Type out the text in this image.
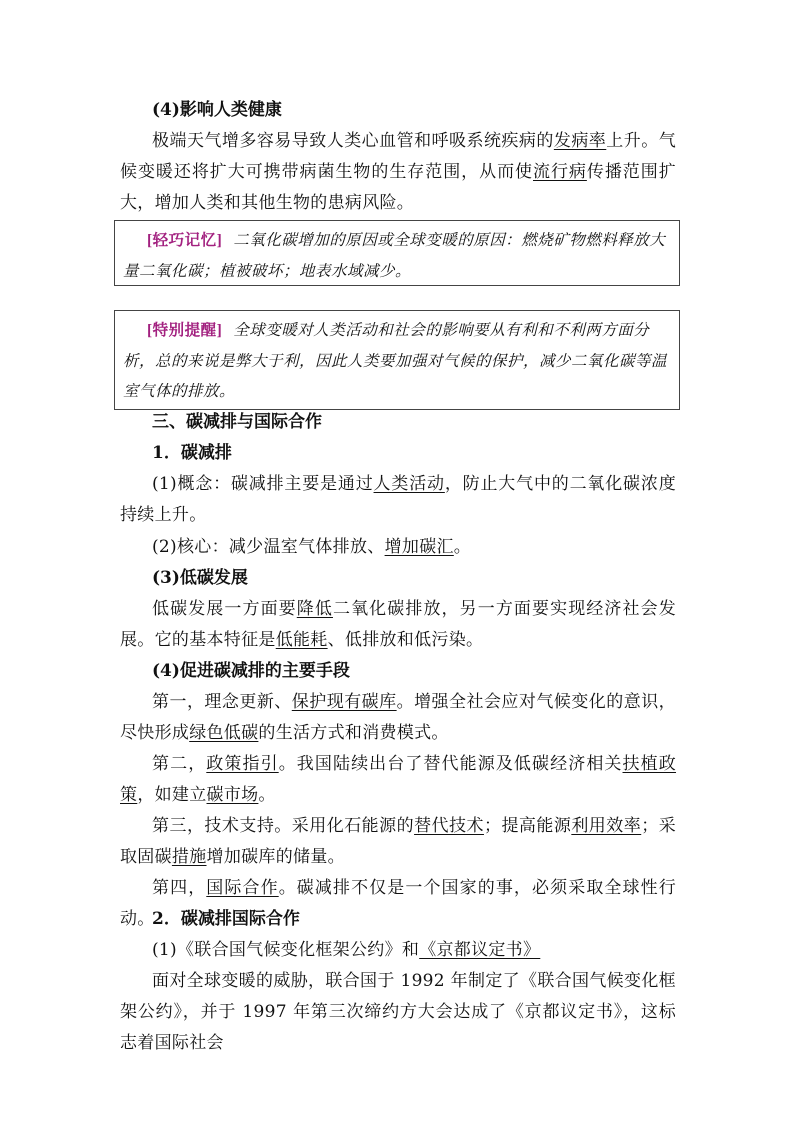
(4)影响人类健康

极端天气增多容易导致人类心血管和呼吸系统疾病的发病率上升。气候变暖还将扩大可携带病菌生物的生存范围，从而使流行病传播范围扩大，增加人类和其他生物的患病风险。

[轻巧记忆] 二氧化碳增加的原因或全球变暖的原因：燃烧矿物燃料释放大量二氧化碳；植被破坏；地表水域减少。
[特别提醒] 全球变暖对人类活动和社会的影响要从有利和不利两方面分析，总的来说是弊大于利，因此人类要加强对气候的保护，减少二氧化碳等温室气体的排放。

三、碳减排与国际合作

1．碳减排

(1)概念：碳减排主要是通过人类活动，防止大气中的二氧化碳浓度持续上升。

(2)核心：减少温室气体排放、增加碳汇。

(3)低碳发展

低碳发展一方面要降低二氧化碳排放，另一方面要实现经济社会发展。它的基本特征是低能耗、低排放和低污染。

(4)促进碳减排的主要手段

第一，理念更新、保护现有碳库。增强全社会应对气候变化的意识，尽快形成绿色低碳的生活方式和消费模式。

第二，政策指引。我国陆续出台了替代能源及低碳经济相关扶植政策，如建立碳市场。

第三，技术支持。采用化石能源的替代技术；提高能源利用效率；采取固碳措施增加碳库的储量。

第四，国际合作。碳减排不仅是一个国家的事，必须采取全球性行动。

2．碳减排国际合作

(1)《联合国气候变化框架公约》和《京都议定书》

面对全球变暖的威胁，联合国于 1992 年制定了《联合国气候变化框架公约》，并于 1997 年第三次缔约方大会达成了《京都议定书》，这标志着国际社会
